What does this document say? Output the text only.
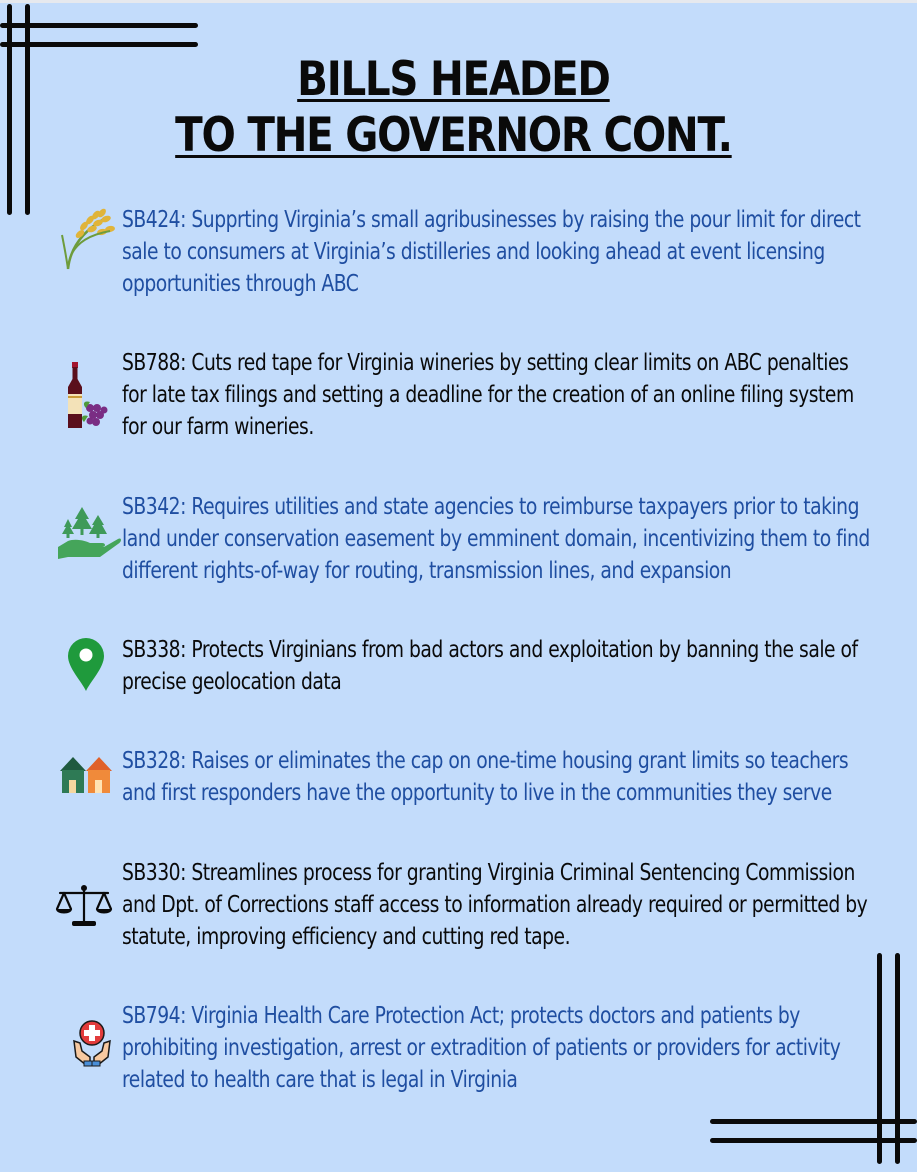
BILLS HEADED
TO THE GOVERNOR CONT.
SB424: Supprting Virginia’s small agribusinesses by raising the pour limit for direct
sale to consumers at Virginia’s distilleries and looking ahead at event licensing
opportunities through ABC
SB788: Cuts red tape for Virginia wineries by setting clear limits on ABC penalties
for late tax filings and setting a deadline for the creation of an online filing system
for our farm wineries.
SB342: Requires utilities and state agencies to reimburse taxpayers prior to taking
land under conservation easement by emminent domain, incentivizing them to find
different rights-of-way for routing, transmission lines, and expansion
SB338: Protects Virginians from bad actors and exploitation by banning the sale of
precise geolocation data
SB328: Raises or eliminates the cap on one-time housing grant limits so teachers
and first responders have the opportunity to live in the communities they serve
SB330: Streamlines process for granting Virginia Criminal Sentencing Commission
and Dpt. of Corrections staff access to information already required or permitted by
statute, improving efficiency and cutting red tape.
SB794: Virginia Health Care Protection Act; protects doctors and patients by
prohibiting investigation, arrest or extradition of patients or providers for activity
related to health care that is legal in Virginia
